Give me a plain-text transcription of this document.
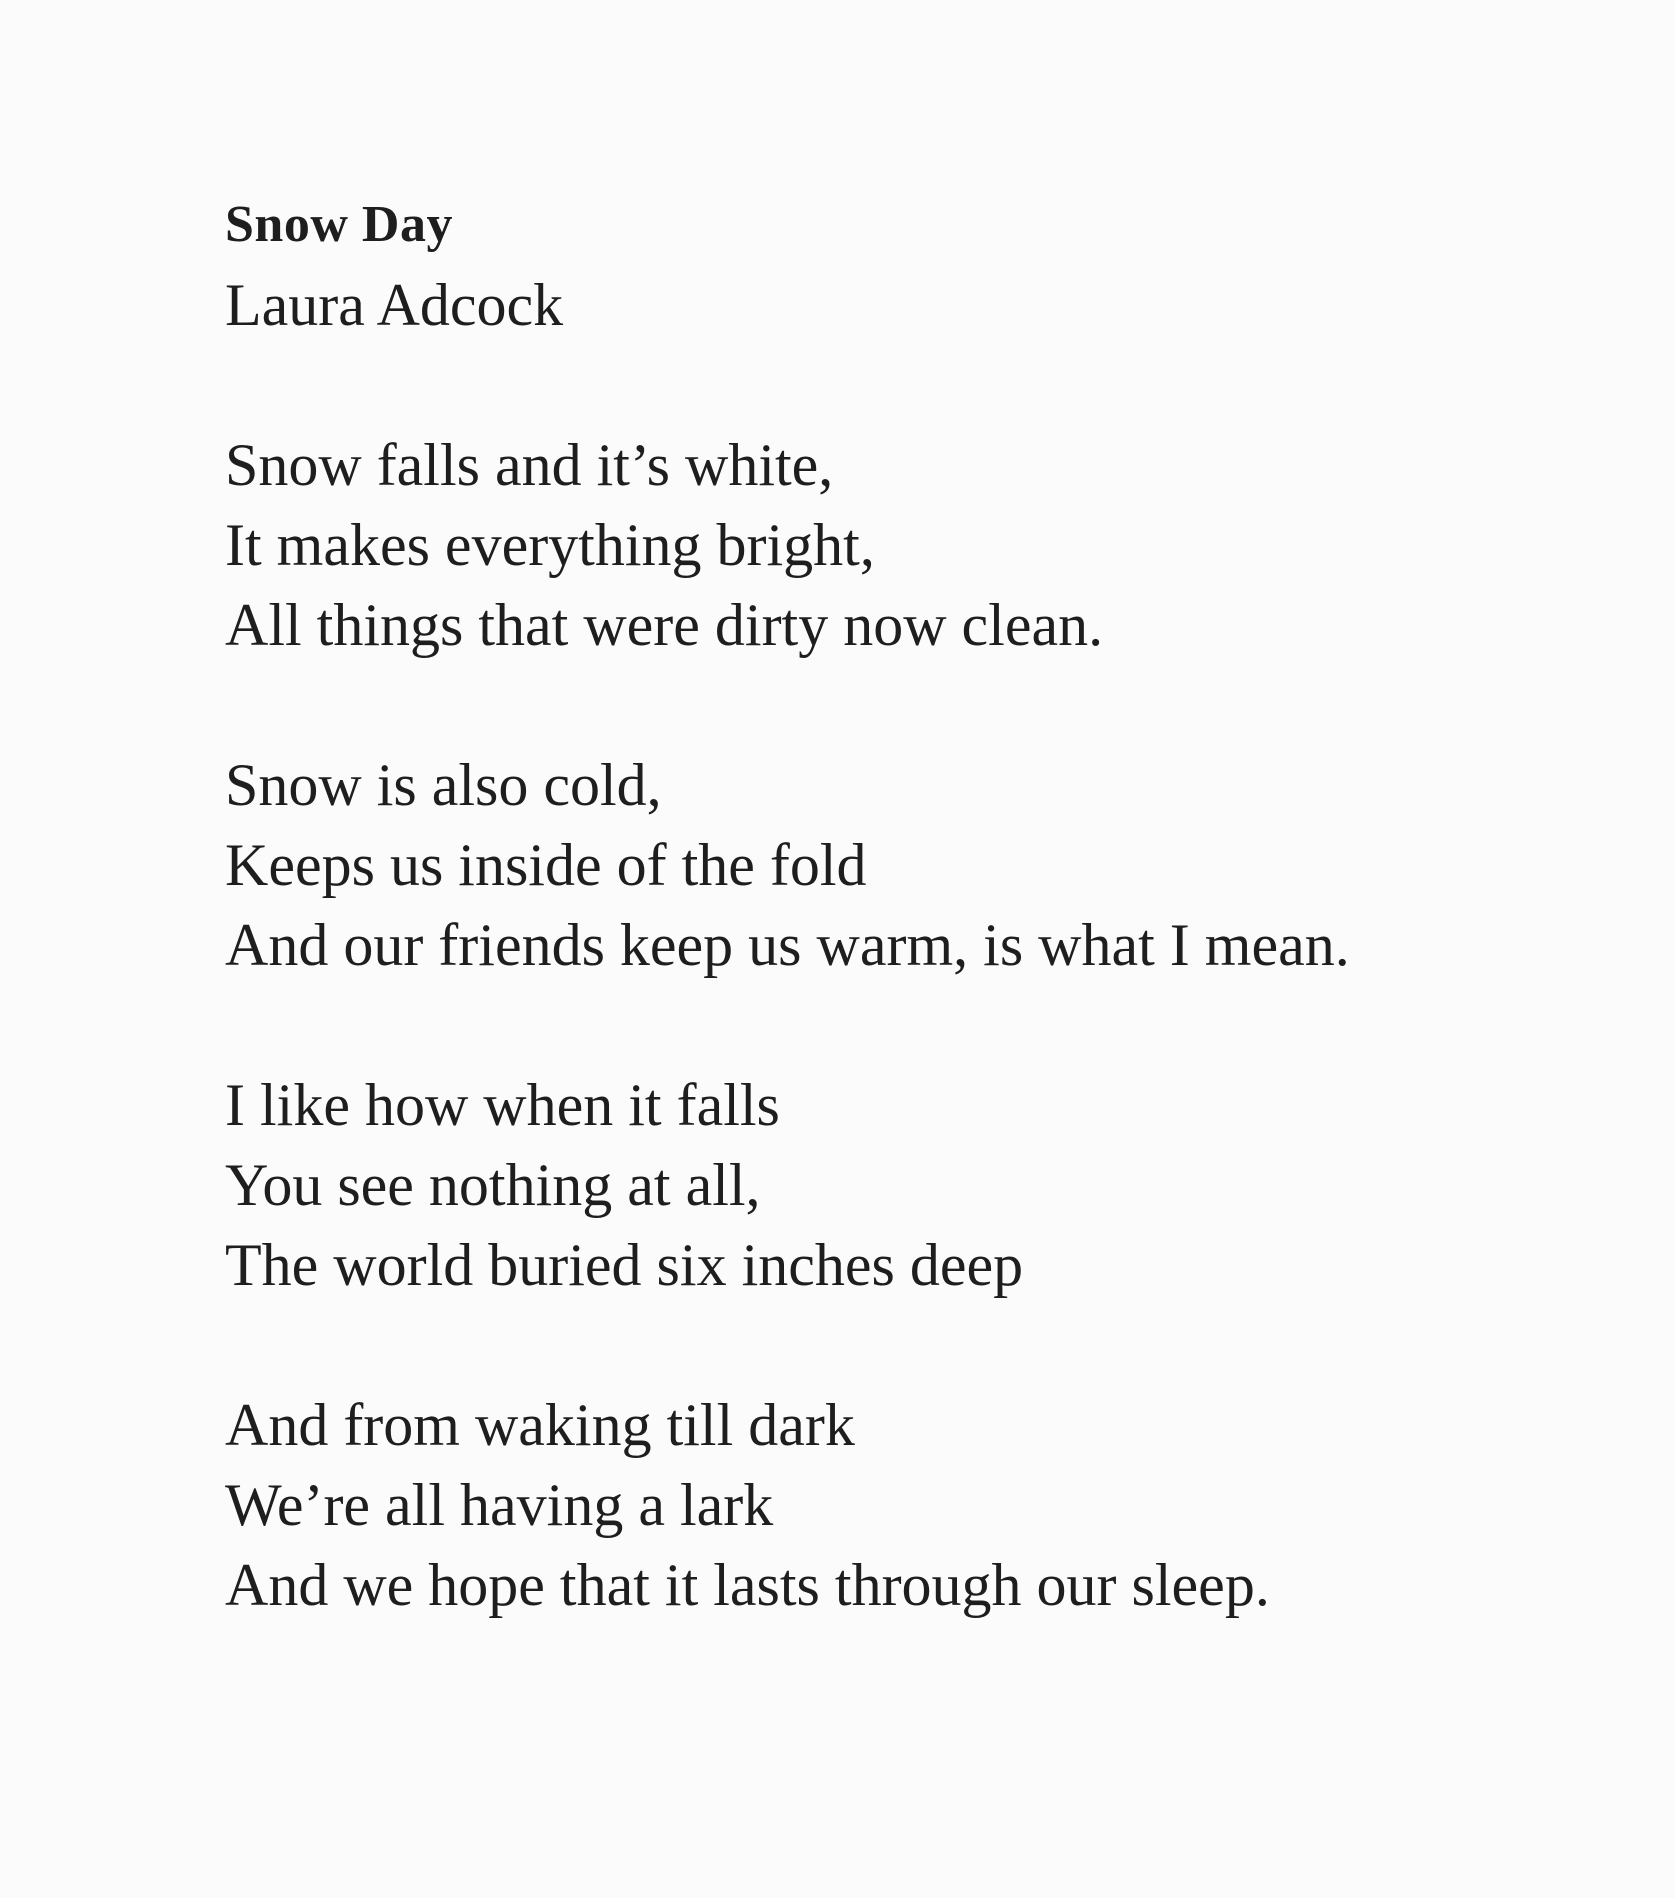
Snow Day
Laura Adcock
Snow falls and it’s white,
It makes everything bright,
All things that were dirty now clean.
Snow is also cold,
Keeps us inside of the fold
And our friends keep us warm, is what I mean.
I like how when it falls
You see nothing at all,
The world buried six inches deep
And from waking till dark
We’re all having a lark
And we hope that it lasts through our sleep.
